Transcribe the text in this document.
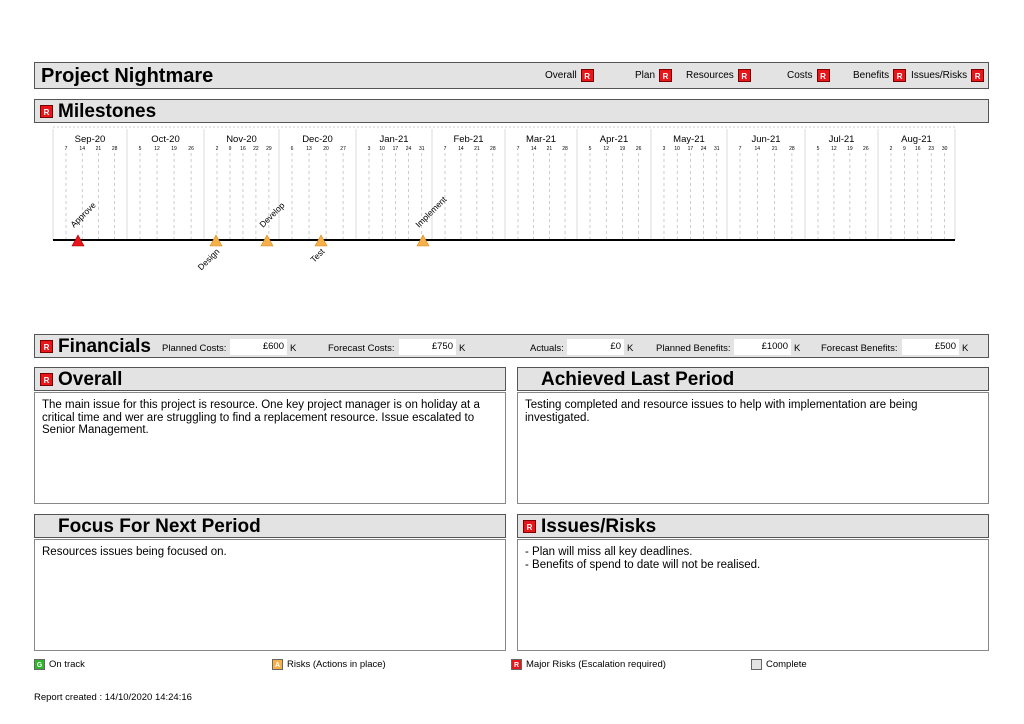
Project Nightmare	Overall R	Plan R	Resources R	Costs R	Benefits R Issues/Risks R
R Milestones
Sep-20
7 14 21 28
Oct-20
5	12 19 26
Nov-20
2 9 16 22 29
Dec-20
6	13 20 27
Jan-21
3 10 17 24 31
Feb-21
7 14 21 28
Mar-21
7 14 21 28
Apr-21
5 12 19 26
May-21
3 10 17 24 31
Jun-21
7	14 21 28
Jul-21
5 12 19 26
Aug-21
2 9 16 23 30
Approve
Design
Develop
Test
Implement
R Financials Planned Costs:	£600 K	Forecast Costs:	£750 K	Actuals:	£0 K Planned Benefits:	£1000 K Forecast Benefits:	£500 K
R Overall
The main issue for this project is resource. One key project manager is on holiday at a critical time and wer are struggling to find a replacement resource. Issue escalated to Senior Management.
Achieved Last Period
Testing completed and resource issues to help with implementation are being investigated.
Focus For Next Period
Resources issues being focused on.
R Issues/Risks
- Plan will miss all key deadlines.
- Benefits of spend to date will not be realised.
G On track	A Risks (Actions in place)	R Major Risks (Escalation required)	Complete
Report created : 14/10/2020 14:24:16
